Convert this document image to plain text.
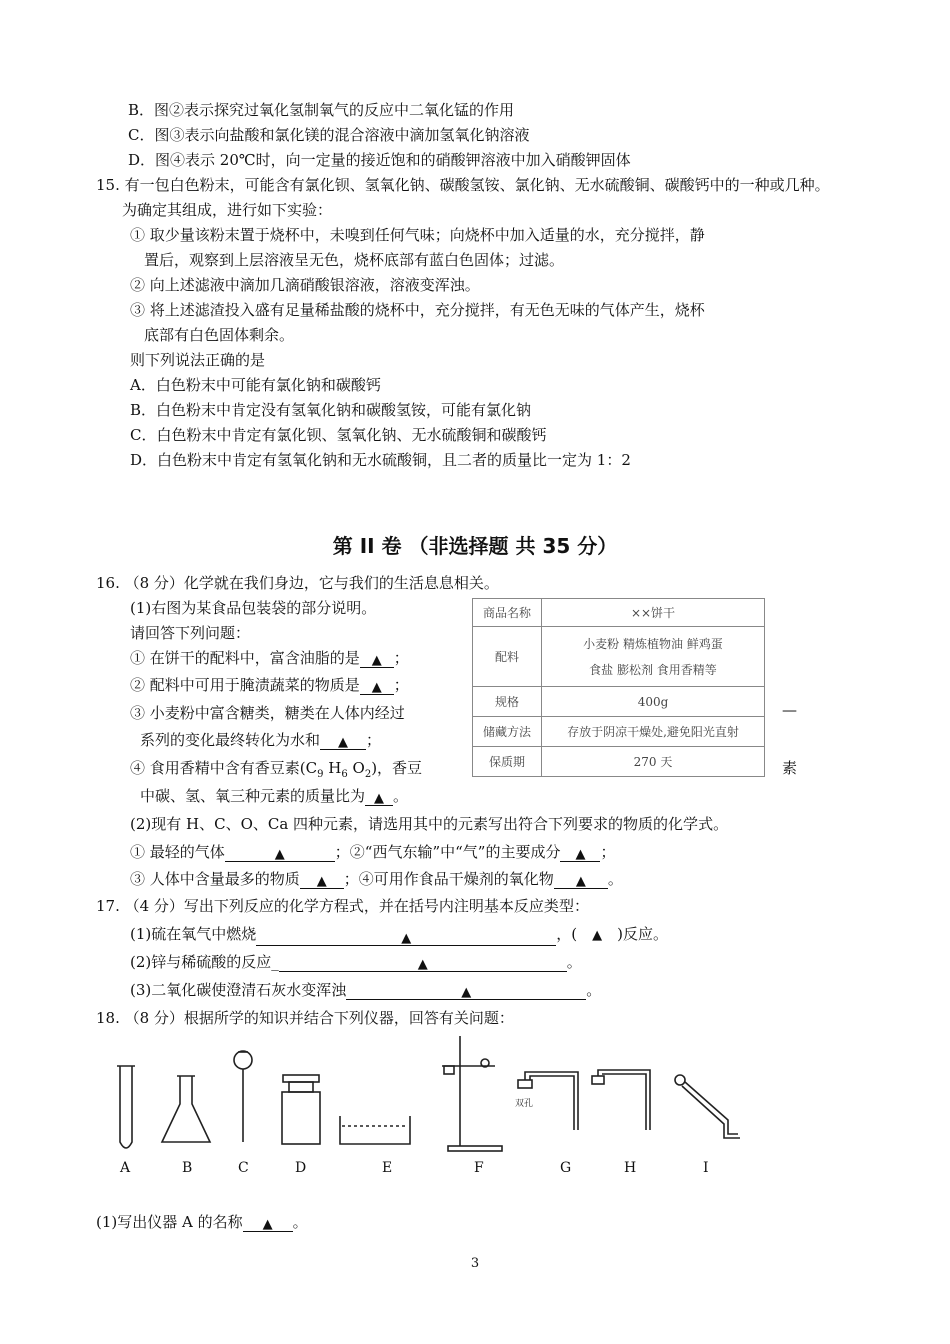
B．图②表示探究过氧化氢制氧气的反应中二氧化锰的作用
C．图③表示向盐酸和氯化镁的混合溶液中滴加氢氧化钠溶液
D．图④表示 20℃时，向一定量的接近饱和的硝酸钾溶液中加入硝酸钾固体
15. 有一包白色粉末，可能含有氯化钡、氢氧化钠、碳酸氢铵、氯化钠、无水硫酸铜、碳酸钙中的一种或几种。
为确定其组成，进行如下实验：
① 取少量该粉末置于烧杯中，未嗅到任何气味；向烧杯中加入适量的水，充分搅拌，静
置后，观察到上层溶液呈无色，烧杯底部有蓝白色固体；过滤。
② 向上述滤液中滴加几滴硝酸银溶液，溶液变浑浊。
③ 将上述滤渣投入盛有足量稀盐酸的烧杯中，充分搅拌，有无色无味的气体产生，烧杯
底部有白色固体剩余。
则下列说法正确的是
A．白色粉末中可能有氯化钠和碳酸钙
B．白色粉末中肯定没有氢氧化钠和碳酸氢铵，可能有氯化钠
C．白色粉末中肯定有氯化钡、氢氧化钠、无水硫酸铜和碳酸钙
D．白色粉末中肯定有氢氧化钠和无水硫酸铜，且二者的质量比一定为 1：2
第 II 卷 （非选择题 共 35 分）
16. （8 分）化学就在我们身边，它与我们的生活息息相关。
(1)右图为某食品包装袋的部分说明。
请回答下列问题：
① 在饼干的配料中，富含油脂的是 ▲ ；
② 配料中可用于腌渍蔬菜的物质是 ▲ ；
③ 小麦粉中富含糖类，糖类在人体内经过
系列的变化最终转化为水和 ▲ ；
④ 食用香精中含有香豆素($C_9$ $H_6$ $O_2$)，香豆
中碳、氢、氧三种元素的质量比为 ▲ 。
商品名称	××饼干
配料	小麦粉 精炼植物油 鲜鸡蛋
食盐 膨松剂 食用香精等

规格	400g
储藏方法	存放于阴凉干燥处,避免阳光直射
保质期	270 天
—
素
(2)现有 H、C、O、Ca 四种元素，请选用其中的元素写出符合下列要求的物质的化学式。
① 最轻的气体	▲	；②“西气东输”中“气”的主要成分 ▲ ；
③ 人体中含量最多的物质 ▲ ；④可用作食品干燥剂的氧化物 ▲ 。
17. （4 分）写出下列反应的化学方程式，并在括号内注明基本反应类型：
(1)硫在氧气中燃烧	▲	，( ▲ )反应。
(2)锌与稀硫酸的反应_	▲	。
(3)二氧化碳使澄清石灰水变浑浊	▲	。
18. （8 分）根据所学的知识并结合下列仪器，回答有关问题：
双孔
A	B	C	D	E	F	G	H	I
(1)写出仪器 A 的名称 ▲ 。
3
